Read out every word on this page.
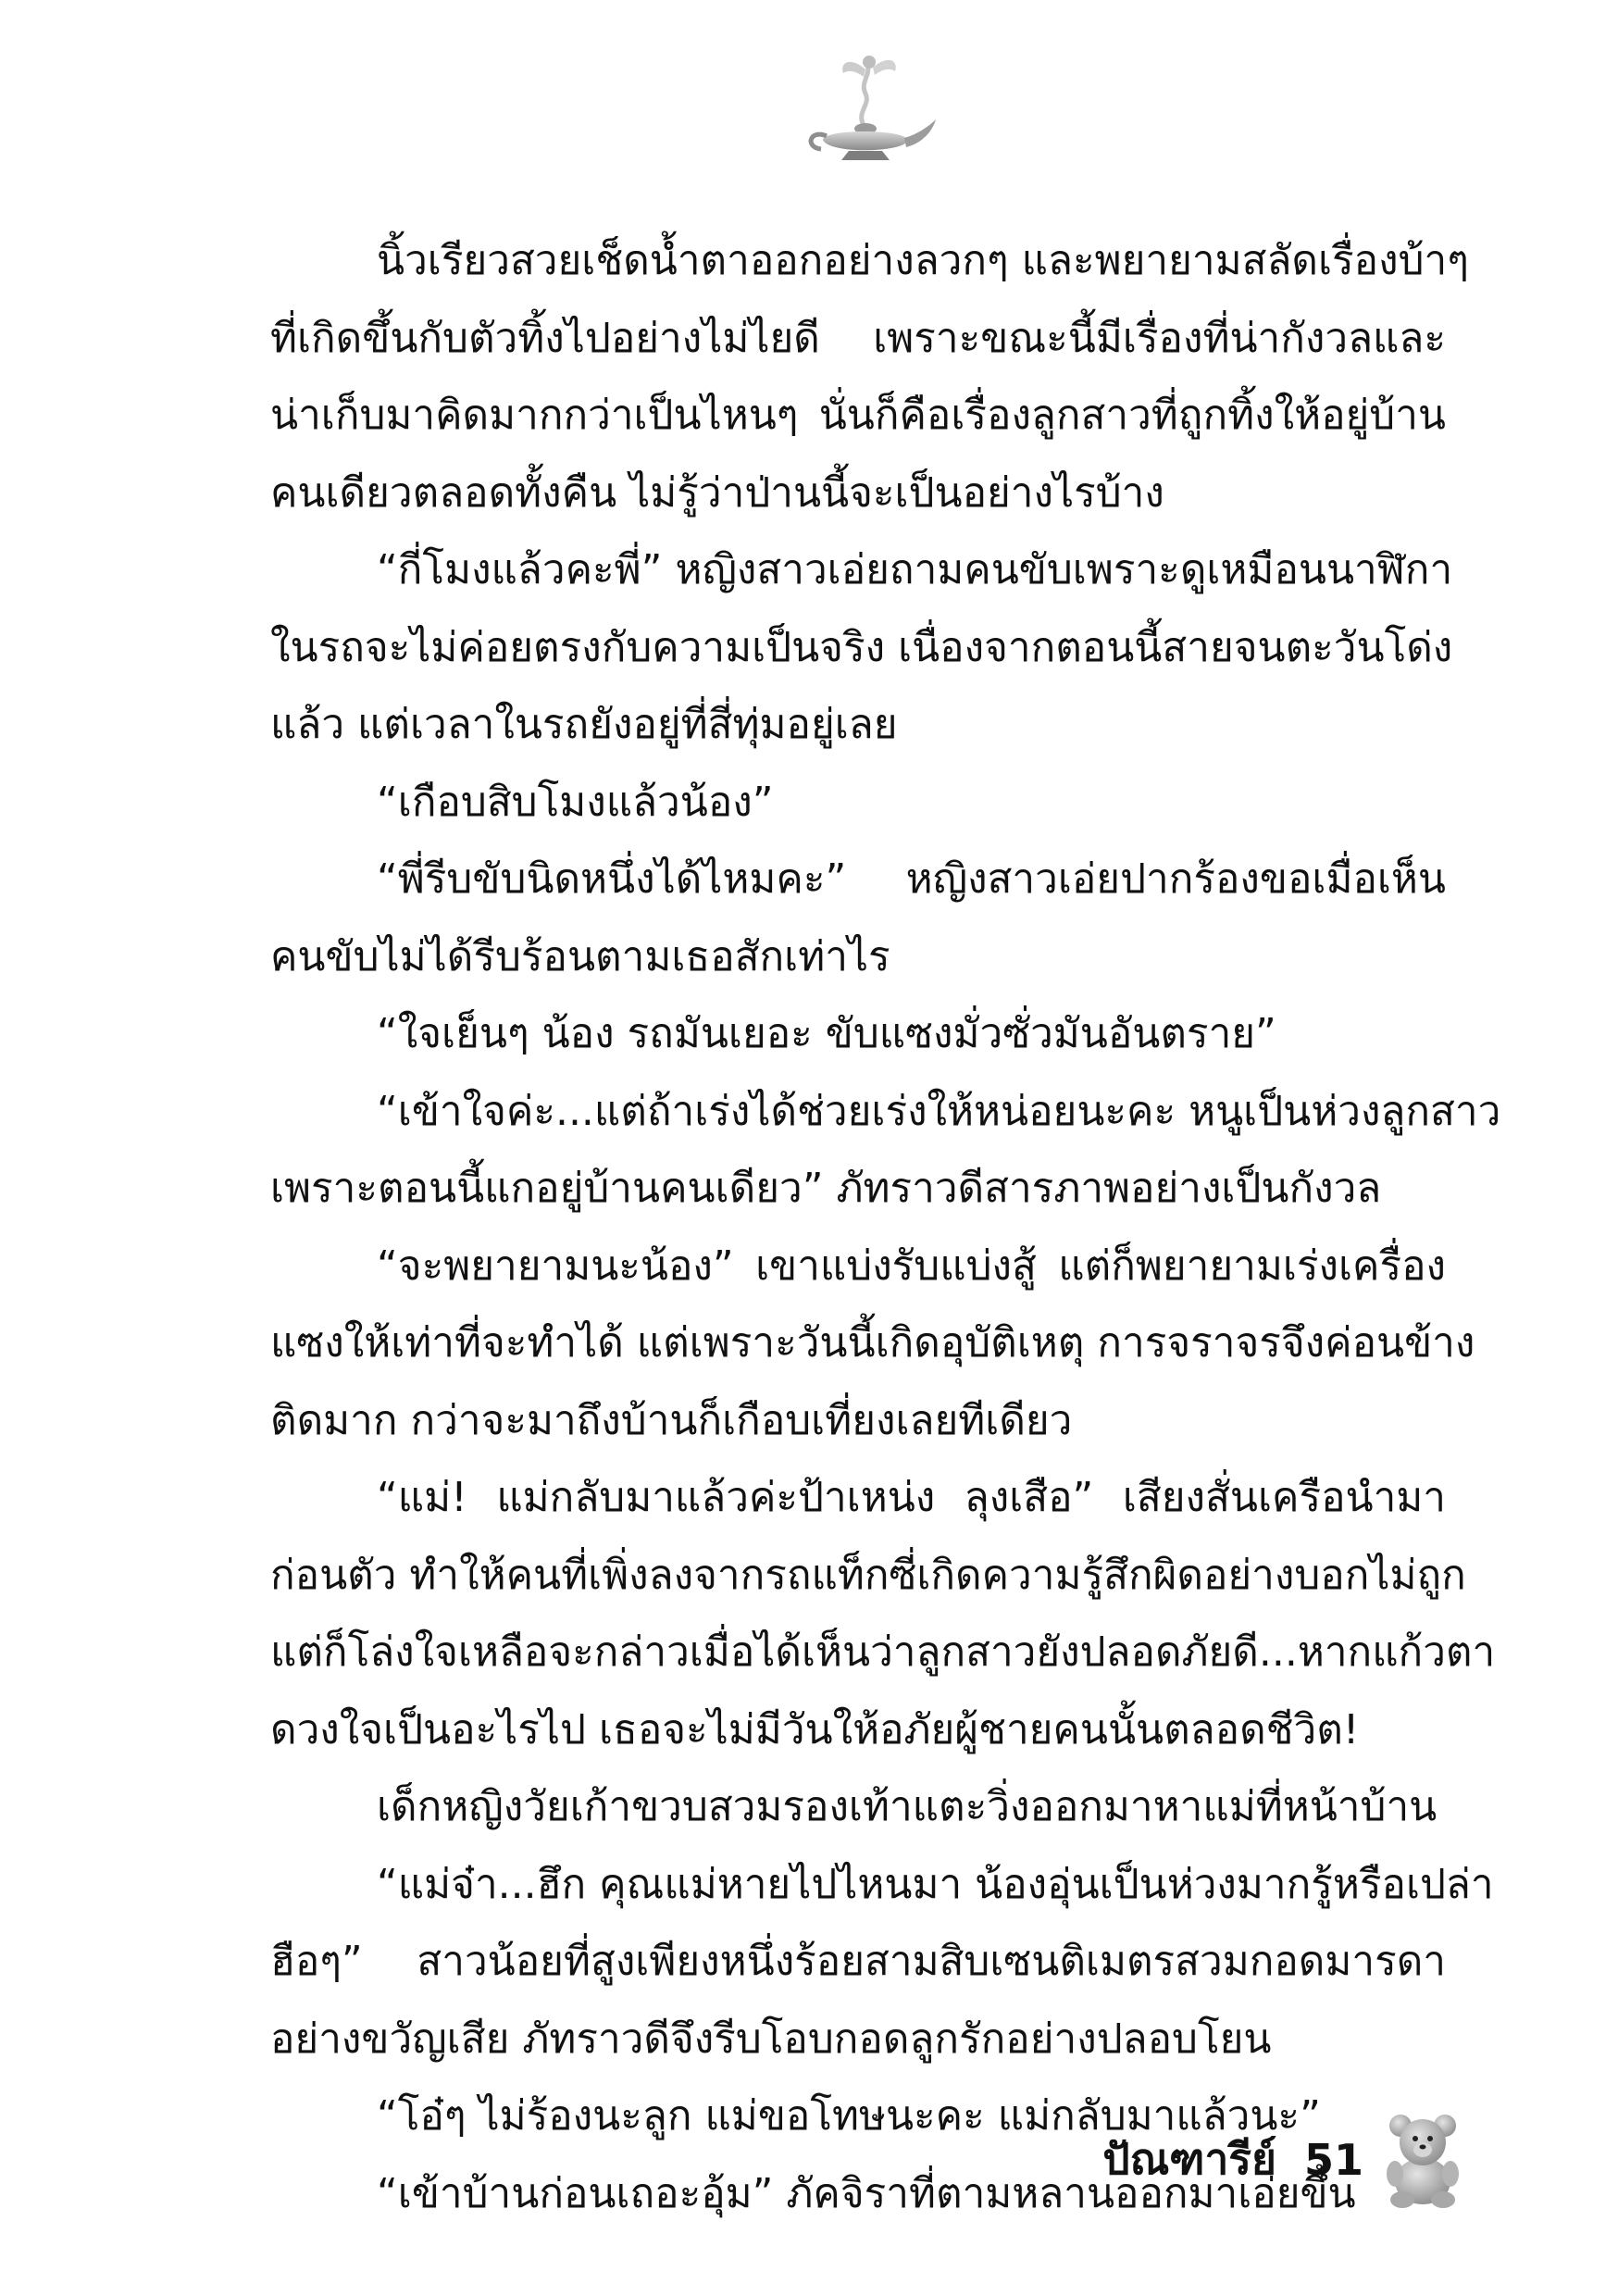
นิ้วเรียวสวยเช็ดน้ำตาออกอย่างลวกๆ และพยายามสลัดเรื่องบ้าๆ
ที่เกิดขึ้นกับตัวทิ้งไปอย่างไม่ไยดี เพราะขณะนี้มีเรื่องที่น่ากังวลและ
น่าเก็บมาคิดมากกว่าเป็นไหนๆ นั่นก็คือเรื่องลูกสาวที่ถูกทิ้งให้อยู่บ้าน
คนเดียวตลอดทั้งคืน ไม่รู้ว่าป่านนี้จะเป็นอย่างไรบ้าง
“กี่โมงแล้วคะพี่” หญิงสาวเอ่ยถามคนขับเพราะดูเหมือนนาฬิกา
ในรถจะไม่ค่อยตรงกับความเป็นจริง เนื่องจากตอนนี้สายจนตะวันโด่ง
แล้ว แต่เวลาในรถยังอยู่ที่สี่ทุ่มอยู่เลย
“เกือบสิบโมงแล้วน้อง”
“พี่รีบขับนิดหนึ่งได้ไหมคะ” หญิงสาวเอ่ยปากร้องขอเมื่อเห็น
คนขับไม่ได้รีบร้อนตามเธอสักเท่าไร
“ใจเย็นๆ น้อง รถมันเยอะ ขับแซงมั่วซั่วมันอันตราย”
“เข้าใจค่ะ...แต่ถ้าเร่งได้ช่วยเร่งให้หน่อยนะคะ หนูเป็นห่วงลูกสาว
เพราะตอนนี้แกอยู่บ้านคนเดียว” ภัทราวดีสารภาพอย่างเป็นกังวล
“จะพยายามนะน้อง” เขาแบ่งรับแบ่งสู้ แต่ก็พยายามเร่งเครื่อง
แซงให้เท่าที่จะทำได้ แต่เพราะวันนี้เกิดอุบัติเหตุ การจราจรจึงค่อนข้าง
ติดมาก กว่าจะมาถึงบ้านก็เกือบเที่ยงเลยทีเดียว
“แม่! แม่กลับมาแล้วค่ะป้าเหน่ง ลุงเสือ” เสียงสั่นเครือนำมา
ก่อนตัว ทำให้คนที่เพิ่งลงจากรถแท็กซี่เกิดความรู้สึกผิดอย่างบอกไม่ถูก
แต่ก็โล่งใจเหลือจะกล่าวเมื่อได้เห็นว่าลูกสาวยังปลอดภัยดี...หากแก้วตา
ดวงใจเป็นอะไรไป เธอจะไม่มีวันให้อภัยผู้ชายคนนั้นตลอดชีวิต!
เด็กหญิงวัยเก้าขวบสวมรองเท้าแตะวิ่งออกมาหาแม่ที่หน้าบ้าน
“แม่จ๋า...ฮึก คุณแม่หายไปไหนมา น้องอุ่นเป็นห่วงมากรู้หรือเปล่า
ฮือๆ” สาวน้อยที่สูงเพียงหนึ่งร้อยสามสิบเซนติเมตรสวมกอดมารดา
อย่างขวัญเสีย ภัทราวดีจึงรีบโอบกอดลูกรักอย่างปลอบโยน
“โอ๋ๆ ไม่ร้องนะลูก แม่ขอโทษนะคะ แม่กลับมาแล้วนะ”
“เข้าบ้านก่อนเถอะอุ้ม” ภัคจิราที่ตามหลานออกมาเอ่ยขึ้น
ปัณฑารีย์ 51
